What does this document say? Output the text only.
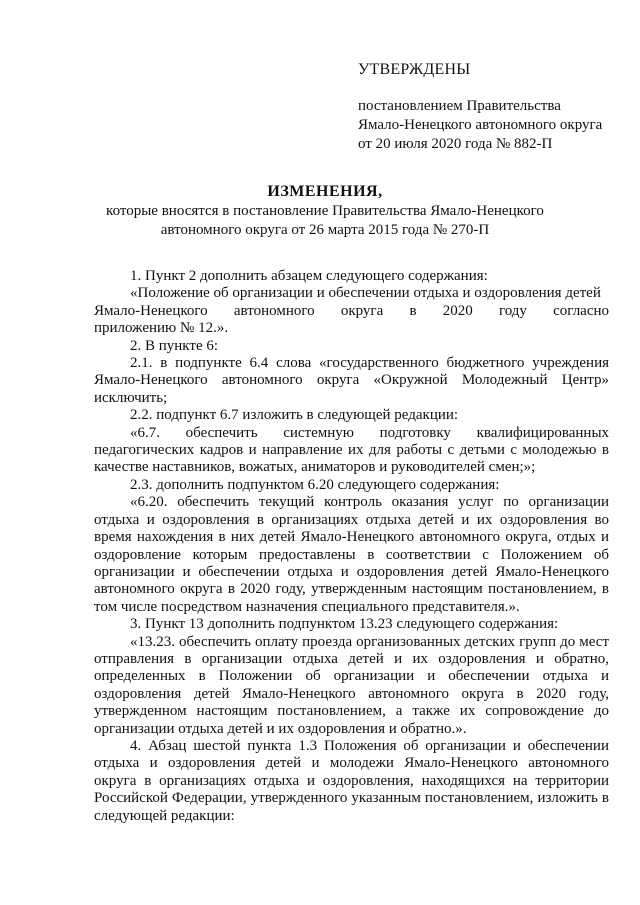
УТВЕРЖДЕНЫ
постановлением Правительства
Ямало-Ненецкого автономного округа
от 20 июля 2020 года № 882-П
ИЗМЕНЕНИЯ,
которые вносятся в постановление Правительства Ямало-Ненецкого
автономного округа от 26 марта 2015 года № 270-П
1. Пункт 2 дополнить абзацем следующего содержания:
«Положение об организации и обеспечении отдыха и оздоровления детей
Ямало-Ненецкого автономного округа в 2020 году согласно
приложению № 12.».
2. В пункте 6:
2.1. в подпункте 6.4 слова «государственного бюджетного учреждения
Ямало-Ненецкого автономного округа «Окружной Молодежный Центр»
исключить;
2.2. подпункт 6.7 изложить в следующей редакции:
«6.7. обеспечить системную подготовку квалифицированных
педагогических кадров и направление их для работы с детьми с молодежью в
качестве наставников, вожатых, аниматоров и руководителей смен;»;
2.3. дополнить подпунктом 6.20 следующего содержания:
«6.20. обеспечить текущий контроль оказания услуг по организации
отдыха и оздоровления в организациях отдыха детей и их оздоровления во
время нахождения в них детей Ямало-Ненецкого автономного округа, отдых и
оздоровление которым предоставлены в соответствии с Положением об
организации и обеспечении отдыха и оздоровления детей Ямало-Ненецкого
автономного округа в 2020 году, утвержденным настоящим постановлением, в
том числе посредством назначения специального представителя.».
3. Пункт 13 дополнить подпунктом 13.23 следующего содержания:
«13.23. обеспечить оплату проезда организованных детских групп до мест
отправления в организации отдыха детей и их оздоровления и обратно,
определенных в Положении об организации и обеспечении отдыха и
оздоровления детей Ямало-Ненецкого автономного округа в 2020 году,
утвержденном настоящим постановлением, а также их сопровождение до
организации отдыха детей и их оздоровления и обратно.».
4. Абзац шестой пункта 1.3 Положения об организации и обеспечении
отдыха и оздоровления детей и молодежи Ямало-Ненецкого автономного
округа в организациях отдыха и оздоровления, находящихся на территории
Российской Федерации, утвержденного указанным постановлением, изложить в
следующей редакции:
